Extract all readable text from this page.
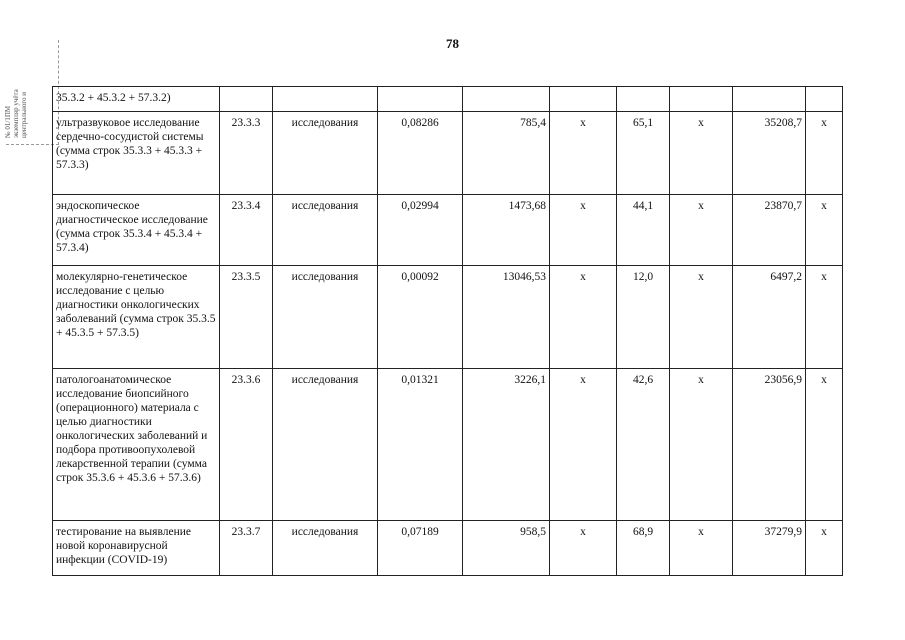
78
№ 01/1ПМ экземпляр учёта центрального и 35.3.2 + 45.3.2 + 57.3.2)									
ультразвуковое исследование сердечно-сосудистой системы (сумма строк 35.3.3 + 45.3.3 + 57.3.3)	23.3.3	исследования	0,08286	785,4	x	65,1	x	35208,7	x
эндоскопическое диагностическое исследование (сумма строк 35.3.4 + 45.3.4 + 57.3.4)	23.3.4	исследования	0,02994	1473,68	x	44,1	x	23870,7	x
молекулярно-генетическое исследование с целью диагностики онкологических заболеваний (сумма строк 35.3.5 + 45.3.5 + 57.3.5)	23.3.5	исследования	0,00092	13046,53	x	12,0	x	6497,2	x
патологоанатомическое исследование биопсийного (операционного) материала с целью диагностики онкологических заболеваний и подбора противоопухолевой лекарственной терапии (сумма строк 35.3.6 + 45.3.6 + 57.3.6)	23.3.6	исследования	0,01321	3226,1	x	42,6	x	23056,9	x
тестирование на выявление новой коронавирусной инфекции (COVID-19)	23.3.7	исследования	0,07189	958,5	x	68,9	x	37279,9	x
